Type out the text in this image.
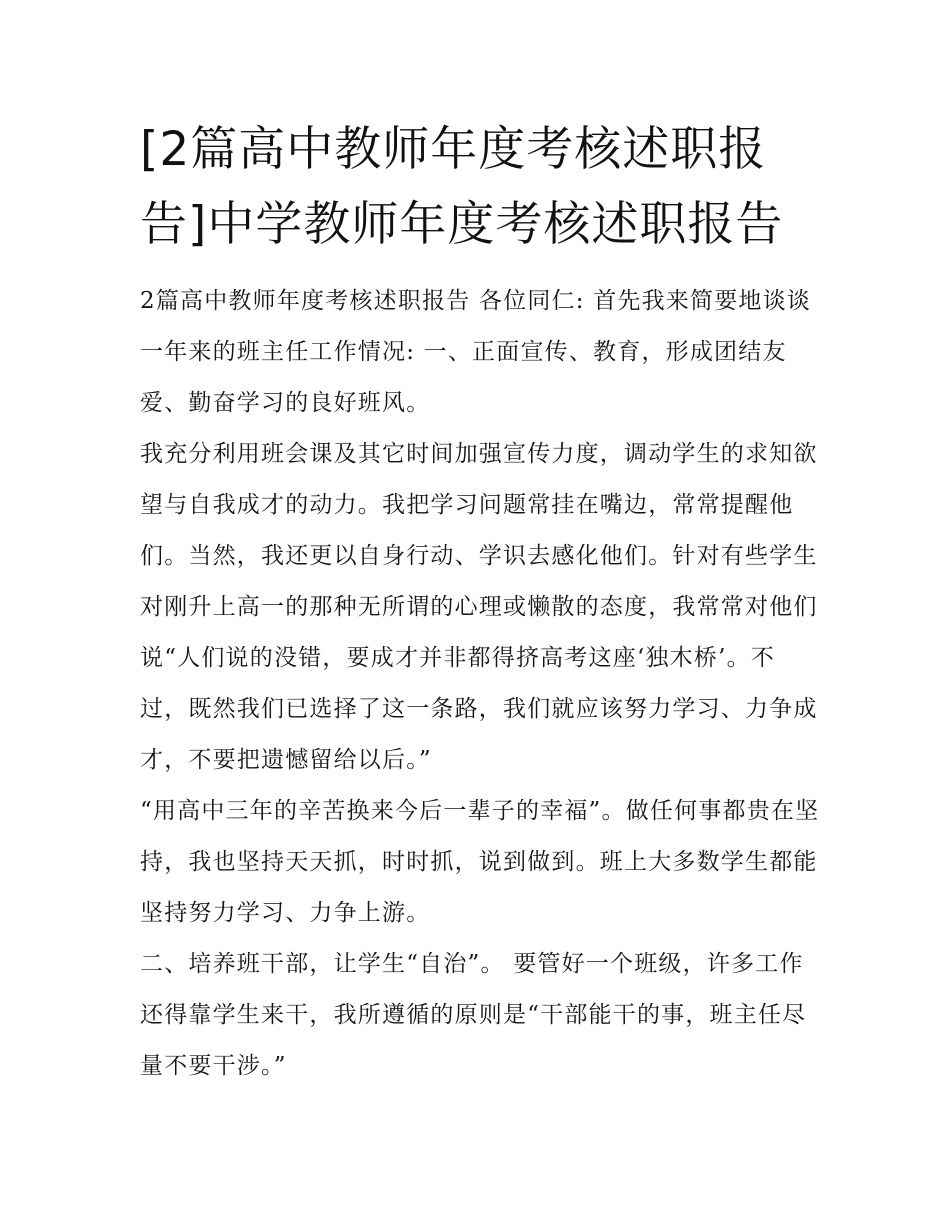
[2篇高中教师年度考核述职报告]中学教师年度考核述职报告

2篇高中教师年度考核述职报告 各位同仁: 首先我来简要地谈谈一年来的班主任工作情况: 一、正面宣传、教育，形成团结友爱、勤奋学习的良好班风。

我充分利用班会课及其它时间加强宣传力度，调动学生的求知欲望与自我成才的动力。我把学习问题常挂在嘴边，常常提醒他们。当然，我还更以自身行动、学识去感化他们。针对有些学生对刚升上高一的那种无所谓的心理或懒散的态度，我常常对他们说“人们说的没错，要成才并非都得挤高考这座‘独木桥’。不过，既然我们已选择了这一条路，我们就应该努力学习、力争成才，不要把遗憾留给以后。”

“用高中三年的辛苦换来今后一辈子的幸福”。做任何事都贵在坚持，我也坚持天天抓，时时抓，说到做到。班上大多数学生都能坚持努力学习、力争上游。

二、培养班干部，让学生“自治”。 要管好一个班级，许多工作还得靠学生来干，我所遵循的原则是“干部能干的事，班主任尽量不要干涉。”
